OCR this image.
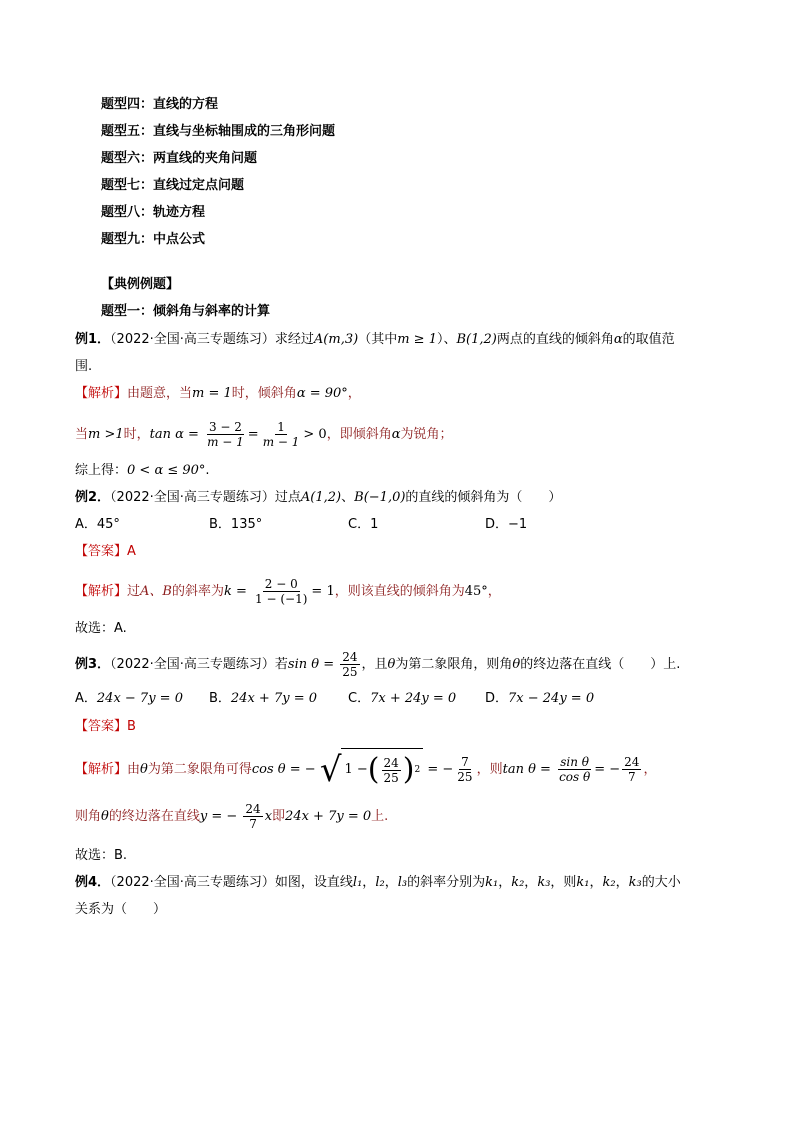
题型四：直线的方程
题型五：直线与坐标轴围成的三角形问题
题型六：两直线的夹角问题
题型七：直线过定点问题
题型八：轨迹方程
题型九：中点公式
【典例例题】
题型一：倾斜角与斜率的计算
例1．（2022·全国·高三专题练习）求经过A(m,3)（其中m ≥ 1）、B(1,2)两点的直线的倾斜角α的取值范
围.
【解析】由题意，当m = 1时，倾斜角α = 90°，
当m >1时，$\tan \alpha = \frac{3 - 2}{m - 1} = \frac{1}{m - 1} > 0$，即倾斜角α为锐角；
综上得：0 < α ≤ 90°.
例2．（2022·全国·高三专题练习）过点A(1,2)、B(−1,0)的直线的倾斜角为（　　）
A．45°	B．135°	C．1	D．−1
【答案】A
【解析】过A、B的斜率为$k = \frac{2 - 0}{1 - (-1)} = 1$，则该直线的倾斜角为45°，
故选：A.
例3．（2022·全国·高三专题练习）若$\sin \theta = \frac{24}{25}$ ，且θ为第二象限角，则角θ的终边落在直线（　　）上.
A．24x − 7y = 0 B．24x + 7y = 0 C．7x + 24y = 0 D．7x − 24y = 0
【答案】B
【解析】由θ为第二象限角可得cos θ = − √ 1 − ( $\frac{24}{25}$ ) 2 = − $\frac{7}{25}$ ，则$\tan \theta = \frac{\text{sin θ}}{\text{cos θ}}$ = − $\frac{24}{7}$ ，
则角θ的终边落在直线y = − $\frac{24}{7}$ x即24x + 7y = 0上.
故选：B.
例4．（2022·全国·高三专题练习）如图，设直线l₁，l₂，l₃的斜率分别为k₁，k₂，k₃，则k₁，k₂，k₃的大小
关系为（　　）
